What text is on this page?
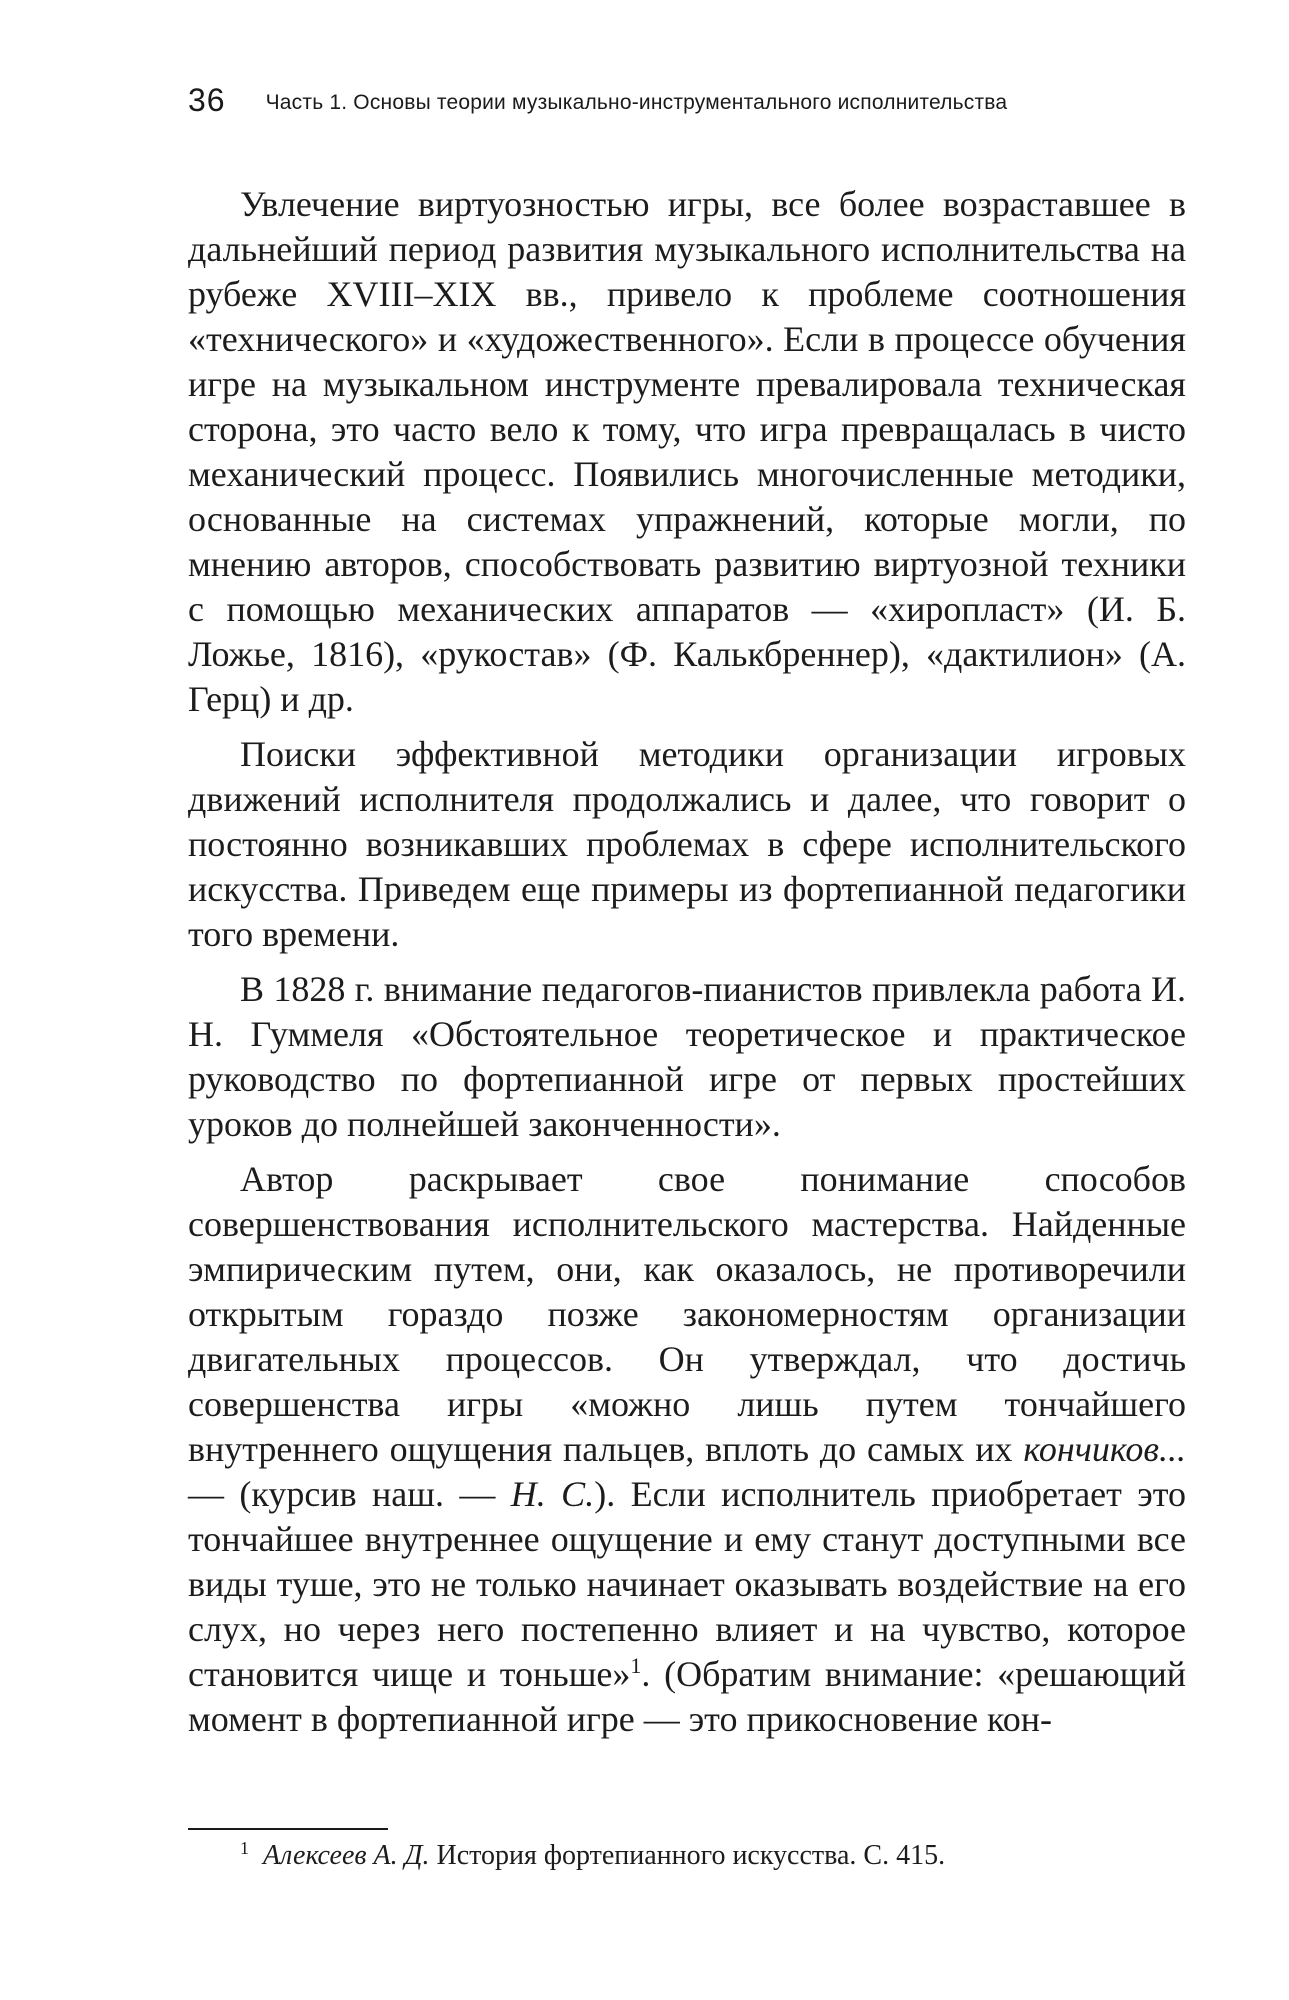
36 Часть 1. Основы теории музыкально-инструментального исполнительства

Увлечение виртуозностью игры, все более возраставшее в дальнейший период развития музыкального исполнительства на рубеже XVIII–XIX вв., привело к проблеме соотношения «технического» и «художественного». Если в процессе обучения игре на музыкальном инструменте превалировала техническая сторона, это часто вело к тому, что игра превращалась в чисто механический процесс. Появились многочисленные методики, основанные на системах упражнений, которые могли, по мнению авторов, способствовать развитию виртуозной техники с помощью механических аппаратов — «хиропласт» (И. Б. Ложье, 1816), «рукостав» (Ф. Калькбреннер), «дактилион» (А. Герц) и др.

Поиски эффективной методики организации игровых движений исполнителя продолжались и далее, что говорит о постоянно возникавших проблемах в сфере исполнительского искусства. Приведем еще примеры из фортепианной педагогики того времени.

В 1828 г. внимание педагогов-пианистов привлекла работа И. Н. Гуммеля «Обстоятельное теоретическое и практическое руководство по фортепианной игре от первых простейших уроков до полнейшей законченности».

Автор раскрывает свое понимание способов совершенствования исполнительского мастерства. Найденные эмпирическим путем, они, как оказалось, не противоречили открытым гораздо позже закономерностям организации двигательных процессов. Он утверждал, что достичь совершенства игры «можно лишь путем тончайшего внутреннего ощущения пальцев, вплоть до самых их кончиков... — (курсив наш. — Н. С.). Если исполнитель приобретает это тончайшее внутреннее ощущение и ему станут доступными все виды туше, это не только начинает оказывать воздействие на его слух, но через него постепенно влияет и на чувство, которое становится чище и тоньше»$^1$. (Обратим внимание: «решающий момент в фортепианной игре — это прикосновение кон-

$^1$ Алексеев А. Д. История фортепианного искусства. С. 415.
